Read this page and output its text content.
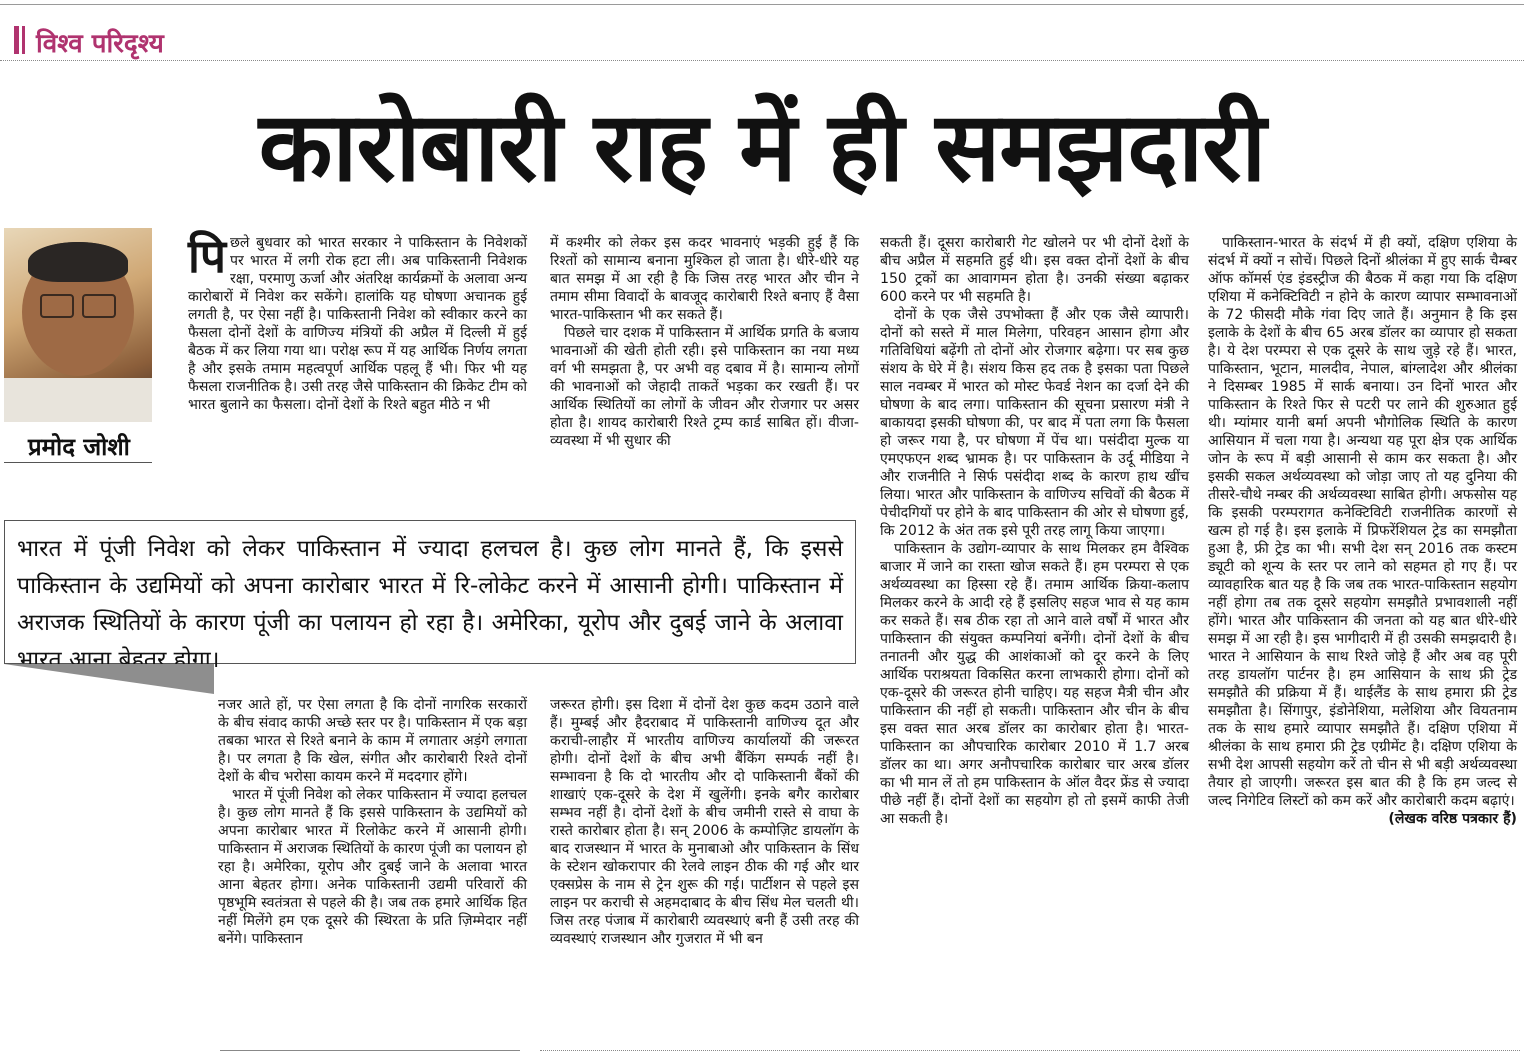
विश्व परिदृश्य
कारोबारी राह में ही समझदारी
प्रमोद जोशी

पिछले बुधवार को भारत सरकार ने पाकिस्तान के निवेशकों पर भारत में लगी रोक हटा ली। अब पाकिस्तानी निवेशक रक्षा, परमाणु ऊर्जा और अंतरिक्ष कार्यक्रमों के अलावा अन्य कारोबारों में निवेश कर सकेंगे। हालांकि यह घोषणा अचानक हुई लगती है, पर ऐसा नहीं है। पाकिस्तानी निवेश को स्वीकार करने का फैसला दोनों देशों के वाणिज्य मंत्रियों की अप्रैल में दिल्ली में हुई बैठक में कर लिया गया था। परोक्ष रूप में यह आर्थिक निर्णय लगता है और इसके तमाम महत्वपूर्ण आर्थिक पहलू हैं भी। फिर भी यह फैसला राजनीतिक है। उसी तरह जैसे पाकिस्तान की क्रिकेट टीम को भारत बुलाने का फैसला। दोनों देशों के रिश्ते बहुत मीठे न भी

में कश्मीर को लेकर इस कदर भावनाएं भड़की हुई हैं कि रिश्तों को सामान्य बनाना मुश्किल हो जाता है। धीरे-धीरे यह बात समझ में आ रही है कि जिस तरह भारत और चीन ने तमाम सीमा विवादों के बावजूद कारोबारी रिश्ते बनाए हैं वैसा भारत-पाकिस्तान भी कर सकते हैं।

पिछले चार दशक में पाकिस्तान में आर्थिक प्रगति के बजाय भावनाओं की खेती होती रही। इसे पाकिस्तान का नया मध्य वर्ग भी समझता है, पर अभी वह दबाव में है। सामान्य लोगों की भावनाओं को जेहादी ताकतें भड़का कर रखती हैं। पर आर्थिक स्थितियों का लोगों के जीवन और रोजगार पर असर होता है। शायद कारोबारी रिश्ते ट्रम्प कार्ड साबित हों। वीजा-व्यवस्था में भी सुधार की

भारत में पूंजी निवेश को लेकर पाकिस्तान में ज्यादा हलचल है। कुछ लोग मानते हैं, कि इससे पाकिस्तान के उद्यमियों को अपना कारोबार भारत में रि-लोकेट करने में आसानी होगी। पाकिस्तान में अराजक स्थितियों के कारण पूंजी का पलायन हो रहा है। अमेरिका, यूरोप और दुबई जाने के अलावा भारत आना बेहतर होगा।

नजर आते हों, पर ऐसा लगता है कि दोनों नागरिक सरकारों के बीच संवाद काफी अच्छे स्तर पर है। पाकिस्तान में एक बड़ा तबका भारत से रिश्ते बनाने के काम में लगातार अड़ंगे लगाता है। पर लगता है कि खेल, संगीत और कारोबारी रिश्ते दोनों देशों के बीच भरोसा कायम करने में मददगार होंगे।

भारत में पूंजी निवेश को लेकर पाकिस्तान में ज्यादा हलचल है। कुछ लोग मानते हैं कि इससे पाकिस्तान के उद्यमियों को अपना कारोबार भारत में रिलोकेट करने में आसानी होगी। पाकिस्तान में अराजक स्थितियों के कारण पूंजी का पलायन हो रहा है। अमेरिका, यूरोप और दुबई जाने के अलावा भारत आना बेहतर होगा। अनेक पाकिस्तानी उद्यमी परिवारों की पृष्ठभूमि स्वतंत्रता से पहले की है। जब तक हमारे आर्थिक हित नहीं मिलेंगे हम एक दूसरे की स्थिरता के प्रति ज़िम्मेदार नहीं बनेंगे। पाकिस्तान

जरूरत होगी। इस दिशा में दोनों देश कुछ कदम उठाने वाले हैं। मुम्बई और हैदराबाद में पाकिस्तानी वाणिज्य दूत और कराची-लाहौर में भारतीय वाणिज्य कार्यालयों की जरूरत होगी। दोनों देशों के बीच अभी बैंकिंग सम्पर्क नहीं है। सम्भावना है कि दो भारतीय और दो पाकिस्तानी बैंकों की शाखाएं एक-दूसरे के देश में खुलेंगी। इनके बगैर कारोबार सम्भव नहीं है। दोनों देशों के बीच जमीनी रास्ते से वाघा के रास्ते कारोबार होता है। सन् 2006 के कम्पोज़िट डायलॉग के बाद राजस्थान में भारत के मुनाबाओ और पाकिस्तान के सिंध के स्टेशन खोकरापार की रेलवे लाइन ठीक की गई और थार एक्सप्रेस के नाम से ट्रेन शुरू की गई। पार्टीशन से पहले इस लाइन पर कराची से अहमदाबाद के बीच सिंध मेल चलती थी। जिस तरह पंजाब में कारोबारी व्यवस्थाएं बनी हैं उसी तरह की व्यवस्थाएं राजस्थान और गुजरात में भी बन

सकती हैं। दूसरा कारोबारी गेट खोलने पर भी दोनों देशों के बीच अप्रैल में सहमति हुई थी। इस वक्त दोनों देशों के बीच 150 ट्रकों का आवागमन होता है। उनकी संख्या बढ़ाकर 600 करने पर भी सहमति है।

दोनों के एक जैसे उपभोक्ता हैं और एक जैसे व्यापारी। दोनों को सस्ते में माल मिलेगा, परिवहन आसान होगा और गतिविधियां बढ़ेंगी तो दोनों ओर रोजगार बढ़ेगा। पर सब कुछ संशय के घेरे में है। संशय किस हद तक है इसका पता पिछले साल नवम्बर में भारत को मोस्ट फेवर्ड नेशन का दर्जा देने की घोषणा के बाद लगा। पाकिस्तान की सूचना प्रसारण मंत्री ने बाकायदा इसकी घोषणा की, पर बाद में पता लगा कि फैसला हो जरूर गया है, पर घोषणा में पेंच था। पसंदीदा मुल्क या एमएफएन शब्द भ्रामक है। पर पाकिस्तान के उर्दू मीडिया ने और राजनीति ने सिर्फ पसंदीदा शब्द के कारण हाथ खींच लिया। भारत और पाकिस्तान के वाणिज्य सचिवों की बैठक में पेचीदगियों पर होने के बाद पाकिस्तान की ओर से घोषणा हुई, कि 2012 के अंत तक इसे पूरी तरह लागू किया जाएगा।

पाकिस्तान के उद्योग-व्यापार के साथ मिलकर हम वैश्विक बाजार में जाने का रास्ता खोज सकते हैं। हम परम्परा से एक अर्थव्यवस्था का हिस्सा रहे हैं। तमाम आर्थिक क्रिया-कलाप मिलकर करने के आदी रहे हैं इसलिए सहज भाव से यह काम कर सकते हैं। सब ठीक रहा तो आने वाले वर्षों में भारत और पाकिस्तान की संयुक्त कम्पनियां बनेंगी। दोनों देशों के बीच तनातनी और युद्ध की आशंकाओं को दूर करने के लिए आर्थिक पराश्रयता विकसित करना लाभकारी होगा। दोनों को एक-दूसरे की जरूरत होनी चाहिए। यह सहज मैत्री चीन और पाकिस्तान की नहीं हो सकती। पाकिस्तान और चीन के बीच इस वक्त सात अरब डॉलर का कारोबार होता है। भारत-पाकिस्तान का औपचारिक कारोबार 2010 में 1.7 अरब डॉलर का था। अगर अनौपचारिक कारोबार चार अरब डॉलर का भी मान लें तो हम पाकिस्तान के ऑल वैदर फ्रेंड से ज्यादा पीछे नहीं हैं। दोनों देशों का सहयोग हो तो इसमें काफी तेजी आ सकती है।

पाकिस्तान-भारत के संदर्भ में ही क्यों, दक्षिण एशिया के संदर्भ में क्यों न सोचें। पिछले दिनों श्रीलंका में हुए सार्क चैम्बर ऑफ कॉमर्स एंड इंडस्ट्रीज की बैठक में कहा गया कि दक्षिण एशिया में कनेक्टिविटी न होने के कारण व्यापार सम्भावनाओं के 72 फीसदी मौके गंवा दिए जाते हैं। अनुमान है कि इस इलाके के देशों के बीच 65 अरब डॉलर का व्यापार हो सकता है। ये देश परम्परा से एक दूसरे के साथ जुड़े रहे हैं। भारत, पाकिस्तान, भूटान, मालदीव, नेपाल, बांग्लादेश और श्रीलंका ने दिसम्बर 1985 में सार्क बनाया। उन दिनों भारत और पाकिस्तान के रिश्ते फिर से पटरी पर लाने की शुरुआत हुई थी। म्यांमार यानी बर्मा अपनी भौगोलिक स्थिति के कारण आसियान में चला गया है। अन्यथा यह पूरा क्षेत्र एक आर्थिक जोन के रूप में बड़ी आसानी से काम कर सकता है। और इसकी सकल अर्थव्यवस्था को जोड़ा जाए तो यह दुनिया की तीसरे-चौथे नम्बर की अर्थव्यवस्था साबित होगी। अफसोस यह कि इसकी परम्परागत कनेक्टिविटी राजनीतिक कारणों से खत्म हो गई है। इस इलाके में प्रिफरेंशियल ट्रेड का समझौता हुआ है, फ्री ट्रेड का भी। सभी देश सन् 2016 तक कस्टम ड्यूटी को शून्य के स्तर पर लाने को सहमत हो गए हैं। पर व्यावहारिक बात यह है कि जब तक भारत-पाकिस्तान सहयोग नहीं होगा तब तक दूसरे सहयोग समझौते प्रभावशाली नहीं होंगे। भारत और पाकिस्तान की जनता को यह बात धीरे-धीरे समझ में आ रही है। इस भागीदारी में ही उसकी समझदारी है। भारत ने आसियान के साथ रिश्ते जोड़े हैं और अब वह पूरी तरह डायलॉग पार्टनर है। हम आसियान के साथ फ्री ट्रेड समझौते की प्रक्रिया में हैं। थाईलैंड के साथ हमारा फ्री ट्रेड समझौता है। सिंगापुर, इंडोनेशिया, मलेशिया और वियतनाम तक के साथ हमारे व्यापार समझौते हैं। दक्षिण एशिया में श्रीलंका के साथ हमारा फ्री ट्रेड एग्रीमेंट है। दक्षिण एशिया के सभी देश आपसी सहयोग करें तो चीन से भी बड़ी अर्थव्यवस्था तैयार हो जाएगी। जरूरत इस बात की है कि हम जल्द से जल्द निगेटिव लिस्टों को कम करें और कारोबारी कदम बढ़ाएं।
(लेखक वरिष्ठ पत्रकार हैं)
